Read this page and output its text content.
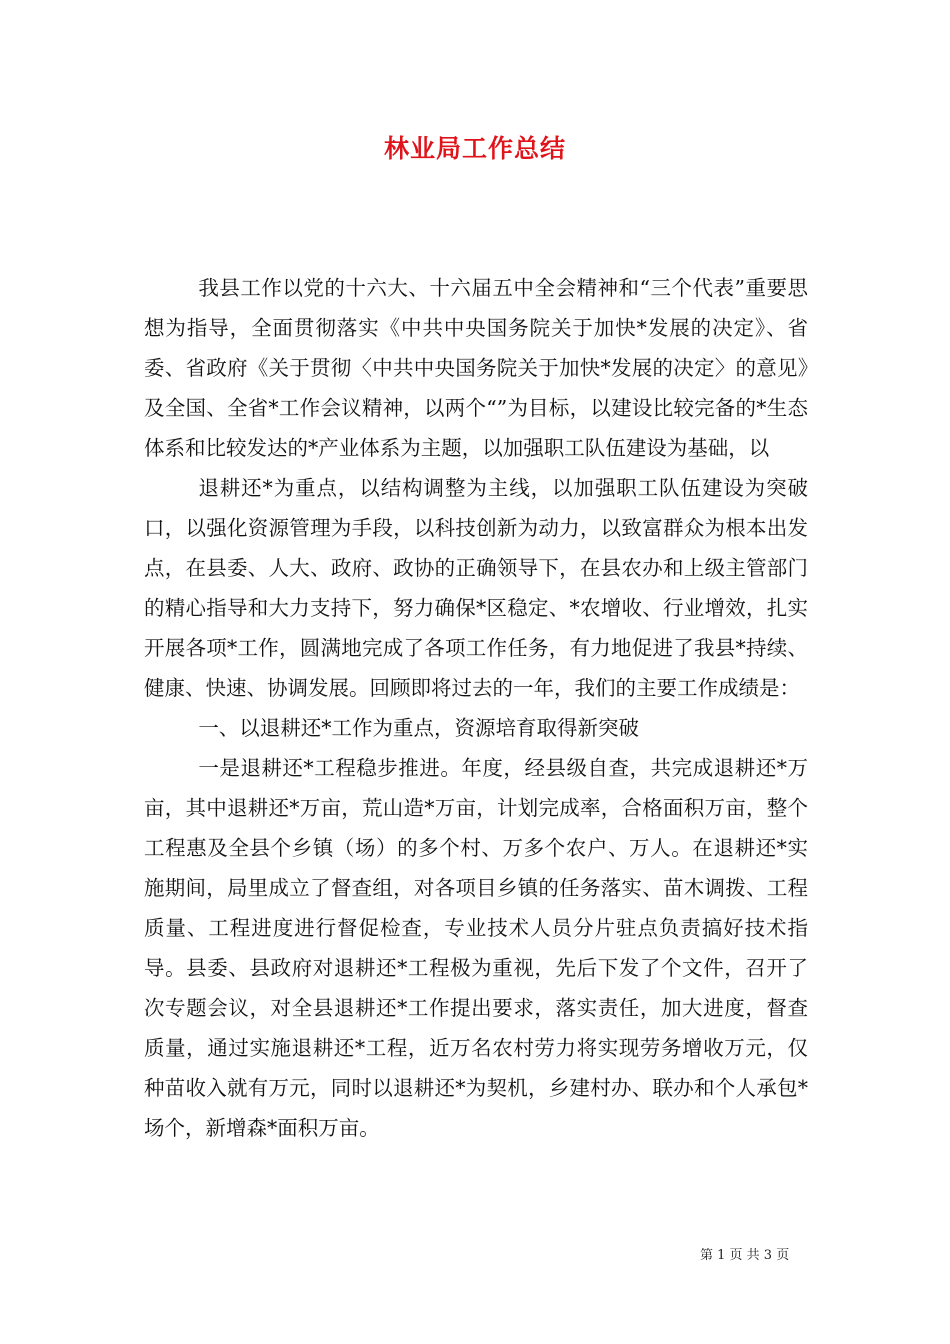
林业局工作总结

我县工作以党的十六大、十六届五中全会精神和“三个代表”重要思想为指导，全面贯彻落实《中共中央国务院关于加快*发展的决定》、省委、省政府《关于贯彻〈中共中央国务院关于加快*发展的决定〉的意见》及全国、全省*工作会议精神，以两个“”为目标，以建设比较完备的*生态体系和比较发达的*产业体系为主题，以加强职工队伍建设为基础，以

退耕还*为重点，以结构调整为主线，以加强职工队伍建设为突破口，以强化资源管理为手段，以科技创新为动力，以致富群众为根本出发点，在县委、人大、政府、政协的正确领导下，在县农办和上级主管部门的精心指导和大力支持下，努力确保*区稳定、*农增收、行业增效，扎实开展各项*工作，圆满地完成了各项工作任务，有力地促进了我县*持续、健康、快速、协调发展。回顾即将过去的一年，我们的主要工作成绩是：

一、以退耕还*工作为重点，资源培育取得新突破

一是退耕还*工程稳步推进。年度，经县级自查，共完成退耕还*万亩，其中退耕还*万亩，荒山造*万亩，计划完成率，合格面积万亩，整个工程惠及全县个乡镇（场）的多个村、万多个农户、万人。在退耕还*实施期间，局里成立了督查组，对各项目乡镇的任务落实、苗木调拨、工程质量、工程进度进行督促检查，专业技术人员分片驻点负责搞好技术指导。县委、县政府对退耕还*工程极为重视，先后下发了个文件，召开了次专题会议，对全县退耕还*工作提出要求，落实责任，加大进度，督查质量，通过实施退耕还*工程，近万名农村劳力将实现劳务增收万元，仅种苗收入就有万元，同时以退耕还*为契机，乡建村办、联办和个人承包*场个，新增森*面积万亩。

第 1 页 共 3 页
